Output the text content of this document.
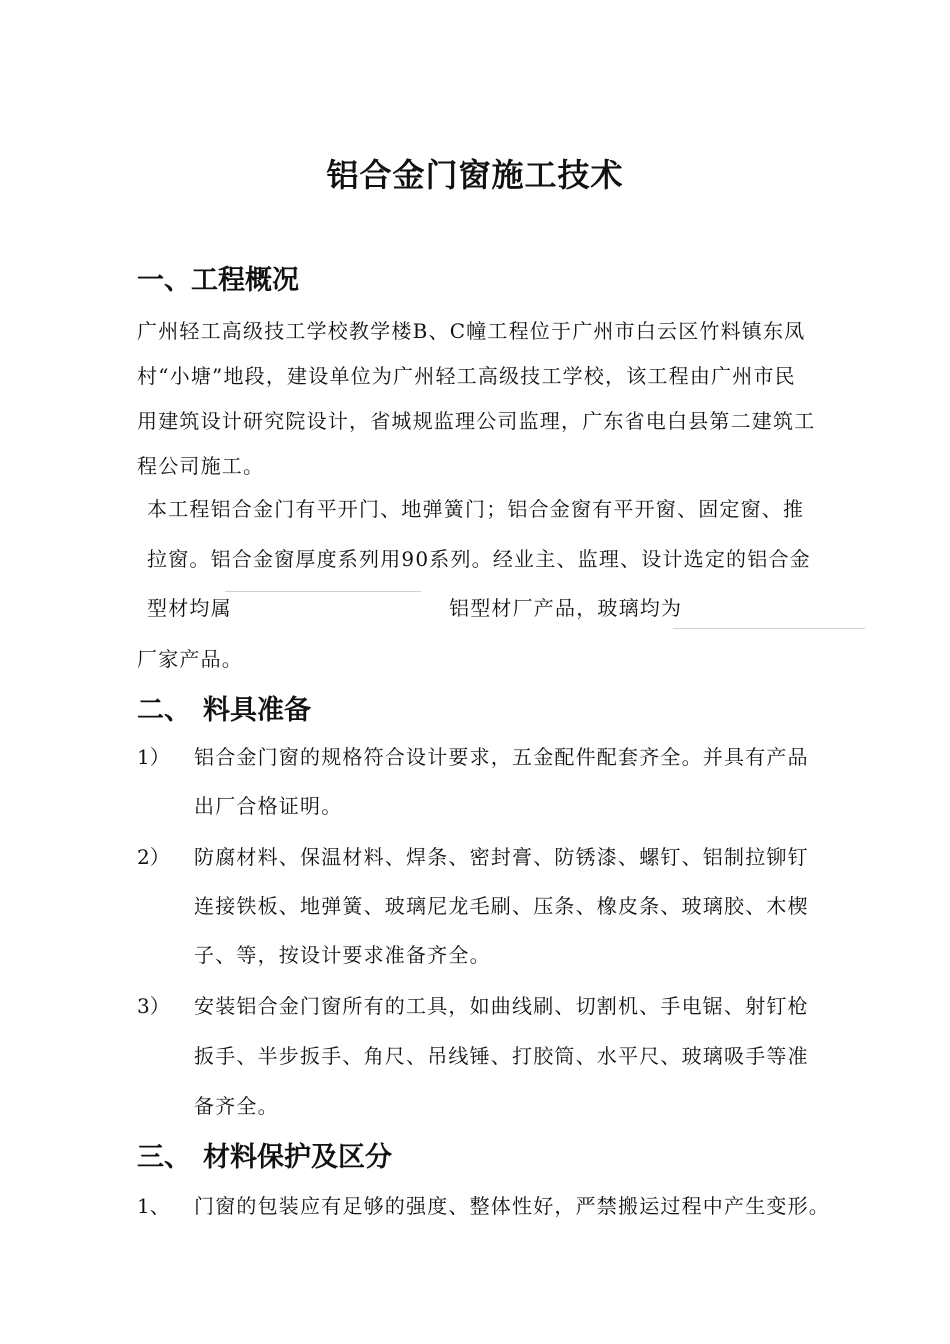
铝合金门窗施工技术
一、工程概况
广州轻工高级技工学校教学楼B、C幢工程位于广州市白云区竹料镇东凤
村“小塘”地段，建设单位为广州轻工高级技工学校，该工程由广州市民
用建筑设计研究院设计，省城规监理公司监理，广东省电白县第二建筑工
程公司施工。
本工程铝合金门有平开门、地弹簧门；铝合金窗有平开窗、固定窗、推
拉窗。铝合金窗厚度系列用90系列。经业主、监理、设计选定的铝合金
型材均属	铝型材厂产品，玻璃均为
厂家产品。
二、 料具准备
1） 铝合金门窗的规格符合设计要求，五金配件配套齐全。并具有产品
出厂合格证明。
2） 防腐材料、保温材料、焊条、密封膏、防锈漆、螺钉、铝制拉铆钉
连接铁板、地弹簧、玻璃尼龙毛刷、压条、橡皮条、玻璃胶、木楔
子、等，按设计要求准备齐全。
3） 安装铝合金门窗所有的工具，如曲线刷、切割机、手电锯、射钉枪
扳手、半步扳手、角尺、吊线锤、打胶筒、水平尺、玻璃吸手等准
备齐全。
三、 材料保护及区分
1、 门窗的包装应有足够的强度、整体性好，严禁搬运过程中产生变形。
